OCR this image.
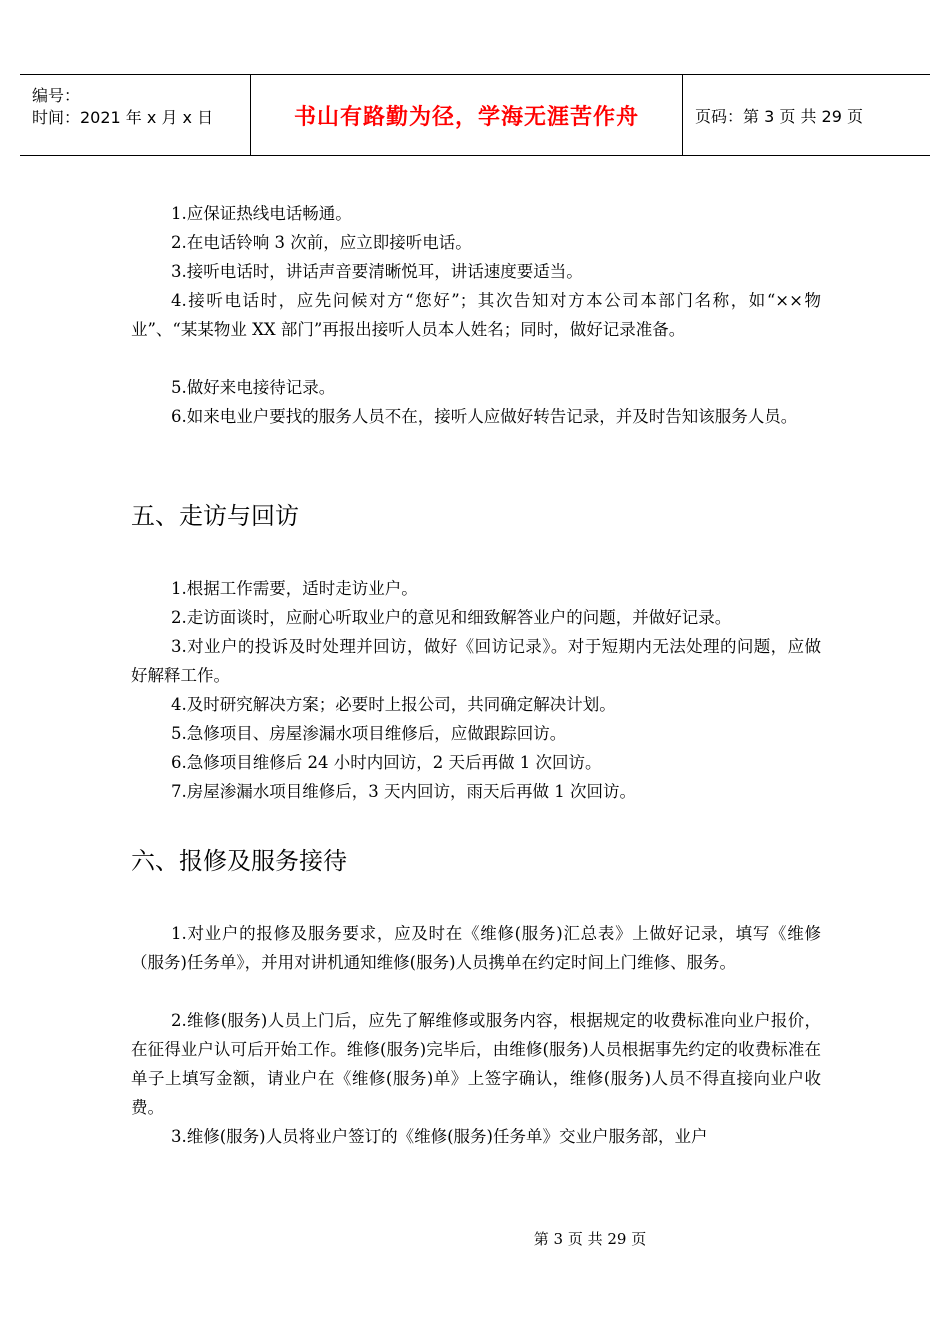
编号：
时间：2021 年 x 月 x 日	书山有路勤为径，学海无涯苦作舟	页码：第 3 页 共 29 页
1.应保证热线电话畅通。
2.在电话铃响 3 次前，应立即接听电话。
3.接听电话时，讲话声音要清晰悦耳，讲话速度要适当。
4.接听电话时，应先问候对方“您好”；其次告知对方本公司本部门名称，如“××物业”、“某某物业 XX 部门”再报出接听人员本人姓名；同时，做好记录准备。
5.做好来电接待记录。
6.如来电业户要找的服务人员不在，接听人应做好转告记录，并及时告知该服务人员。
五、走访与回访
1.根据工作需要，适时走访业户。
2.走访面谈时，应耐心听取业户的意见和细致解答业户的问题，并做好记录。
3.对业户的投诉及时处理并回访，做好《回访记录》。对于短期内无法处理的问题，应做好解释工作。
4.及时研究解决方案；必要时上报公司，共同确定解决计划。
5.急修项目、房屋渗漏水项目维修后，应做跟踪回访。
6.急修项目维修后 24 小时内回访，2 天后再做 1 次回访。
7.房屋渗漏水项目维修后，3 天内回访，雨天后再做 1 次回访。
六、报修及服务接待
1.对业户的报修及服务要求，应及时在《维修(服务)汇总表》上做好记录，填写《维修（服务)任务单》，并用对讲机通知维修(服务)人员携单在约定时间上门维修、服务。
2.维修(服务)人员上门后，应先了解维修或服务内容，根据规定的收费标准向业户报价，在征得业户认可后开始工作。维修(服务)完毕后，由维修(服务)人员根据事先约定的收费标准在单子上填写金额，请业户在《维修(服务)单》上签字确认，维修(服务)人员不得直接向业户收费。
3.维修(服务)人员将业户签订的《维修(服务)任务单》交业户服务部，业户
第 3 页 共 29 页
